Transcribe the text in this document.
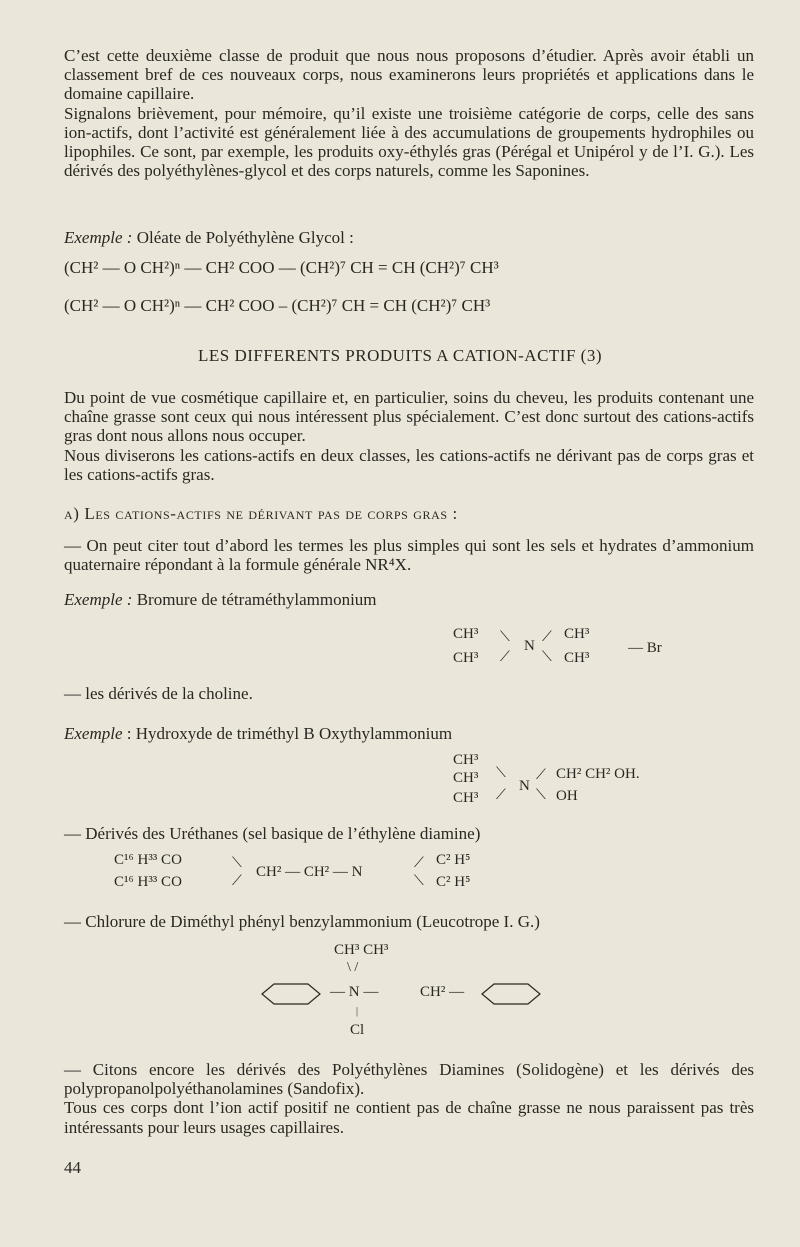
C’est cette deuxième classe de produit que nous nous proposons d’étudier. Après avoir établi un classement bref de ces nouveaux corps, nous examinerons leurs propriétés et applications dans le domaine capillaire.

Signalons brièvement, pour mémoire, qu’il existe une troisième catégorie de corps, celle des sans ion-actifs, dont l’activité est généralement liée à des accumulations de groupements hydrophiles ou lipophiles. Ce sont, par exemple, les produits oxy-éthylés gras (Pérégal et Unipérol y de l’I. G.). Les dérivés des polyéthylènes-glycol et des corps naturels, comme les Saponines.

Exemple : Oléate de Polyéthylène Glycol :
(CH² — O CH²)ⁿ — CH² COO — (CH²)⁷ CH = CH (CH²)⁷ CH³
(CH² — O CH²)ⁿ — CH² COO – (CH²)⁷ CH = CH (CH²)⁷ CH³
LES DIFFERENTS PRODUITS A CATION-ACTIF (3)

Du point de vue cosmétique capillaire et, en particulier, soins du cheveu, les produits contenant une chaîne grasse sont ceux qui nous intéressent plus spécialement. C’est donc surtout des cations-actifs gras dont nous allons nous occuper.

Nous diviserons les cations-actifs en deux classes, les cations-actifs ne dérivant pas de corps gras et les cations-actifs gras.

a) Les cations-actifs ne dérivant pas de corps gras :

— On peut citer tout d’abord les termes les plus simples qui sont les sels et hydrates d’ammonium quaternaire répondant à la formule générale NR⁴X.

Exemple : Bromure de tétraméthylammonium
CH³
CH³
⟍
⟋
N
⟋
⟍
CH³
CH³
— Br
— les dérivés de la choline.
Exemple : Hydroxyde de triméthyl B Oxythylammonium
CH³
CH³
CH³
⟍
⟋
N
⟋
⟍
CH² CH² OH.
OH
— Dérivés des Uréthanes (sel basique de l’éthylène diamine)
C¹⁶ H³³ CO
C¹⁶ H³³ CO
⟍
⟋
CH² — CH² — N
⟋
⟍
C² H⁵
C² H⁵
— Chlorure de Diméthyl phényl benzylammonium (Leucotrope I. G.)
CH³ CH³
\ /
— N —	CH² —
|
Cl

— Citons encore les dérivés des Polyéthylènes Diamines (Solidogène) et les dérivés des polypropanolpolyéthanolamines (Sandofix).

Tous ces corps dont l’ion actif positif ne contient pas de chaîne grasse ne nous paraissent pas très intéressants pour leurs usages capillaires.

44
